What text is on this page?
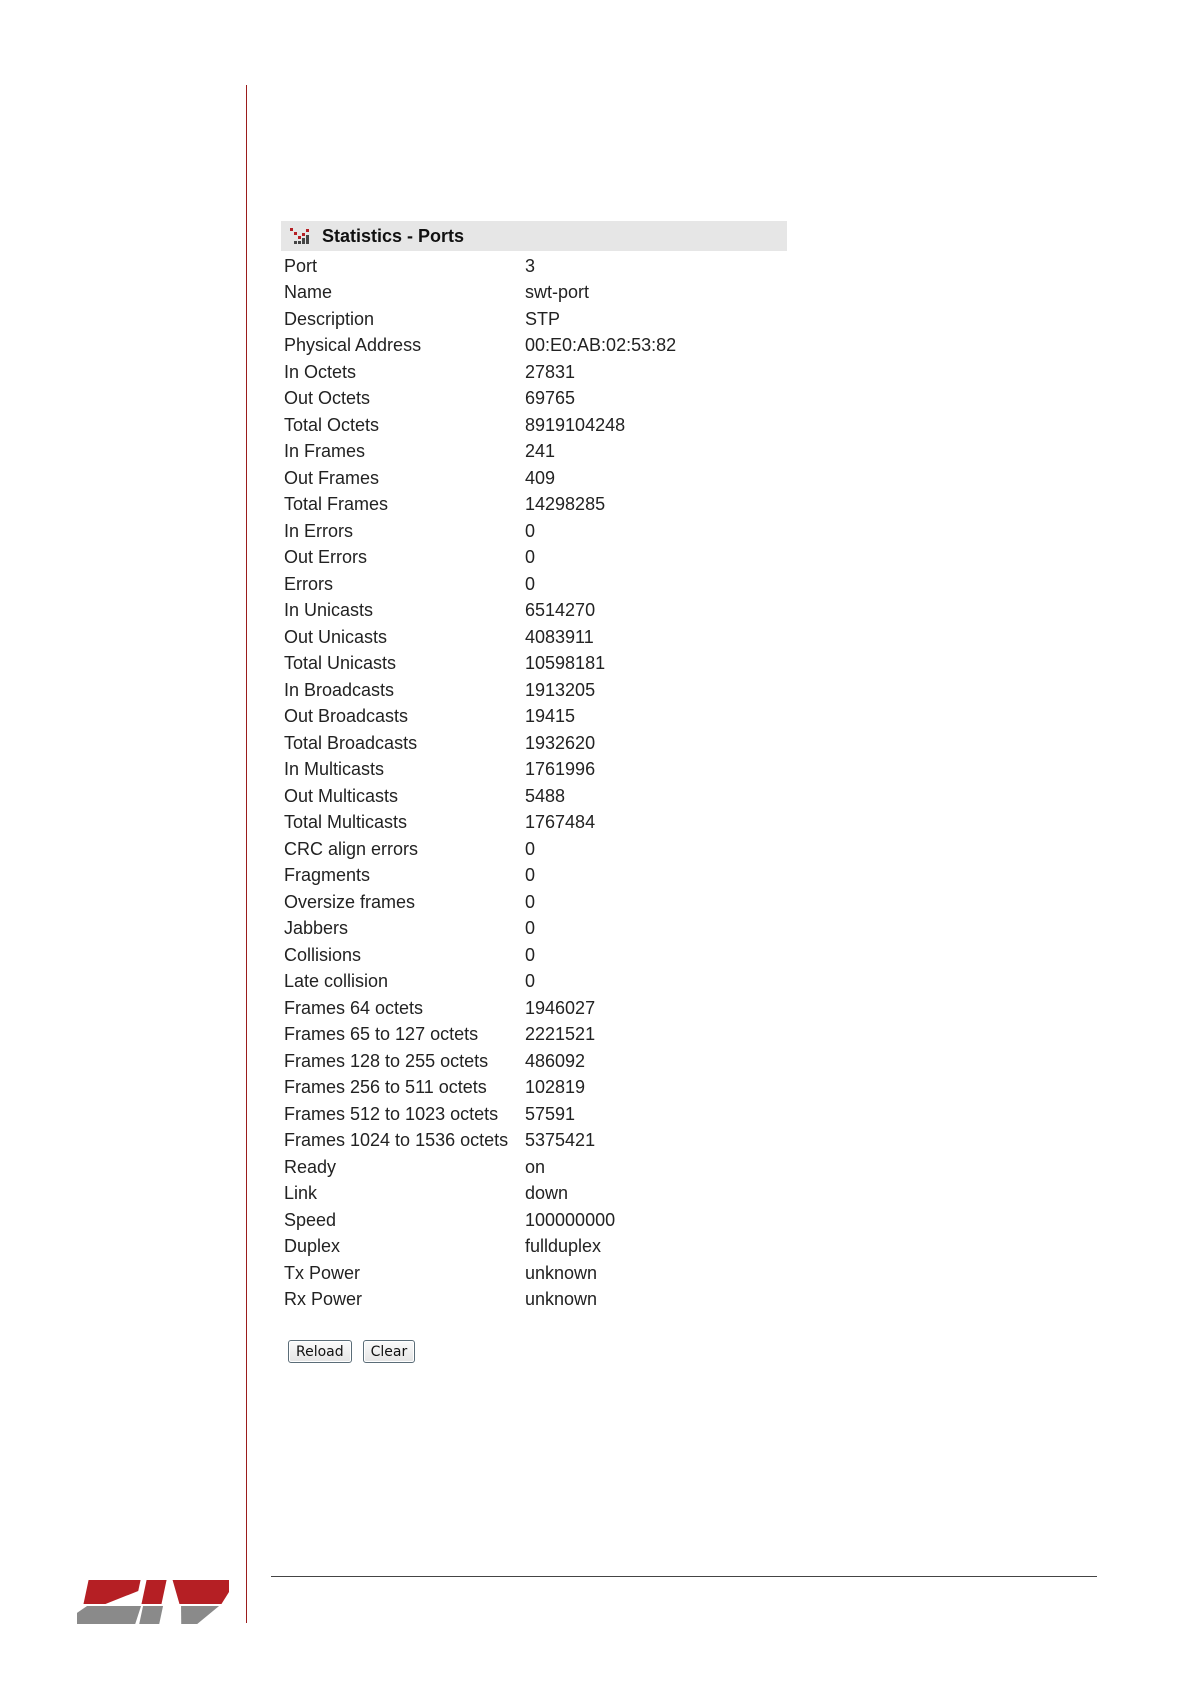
Statistics - Ports
Port	3
Name	swt-port
Description	STP
Physical Address	00:E0:AB:02:53:82
In Octets	27831
Out Octets	69765
Total Octets	8919104248
In Frames	241
Out Frames	409
Total Frames	14298285
In Errors	0
Out Errors	0
Errors	0
In Unicasts	6514270
Out Unicasts	4083911
Total Unicasts	10598181
In Broadcasts	1913205
Out Broadcasts	19415
Total Broadcasts	1932620
In Multicasts	1761996
Out Multicasts	5488
Total Multicasts	1767484
CRC align errors	0
Fragments	0
Oversize frames	0
Jabbers	0
Collisions	0
Late collision	0
Frames 64 octets	1946027
Frames 65 to 127 octets	2221521
Frames 128 to 255 octets	486092
Frames 256 to 511 octets	102819
Frames 512 to 1023 octets	57591
Frames 1024 to 1536 octets	5375421
Ready	on
Link	down
Speed	100000000
Duplex	fullduplex
Tx Power	unknown
Rx Power	unknown
Reload	Clear
